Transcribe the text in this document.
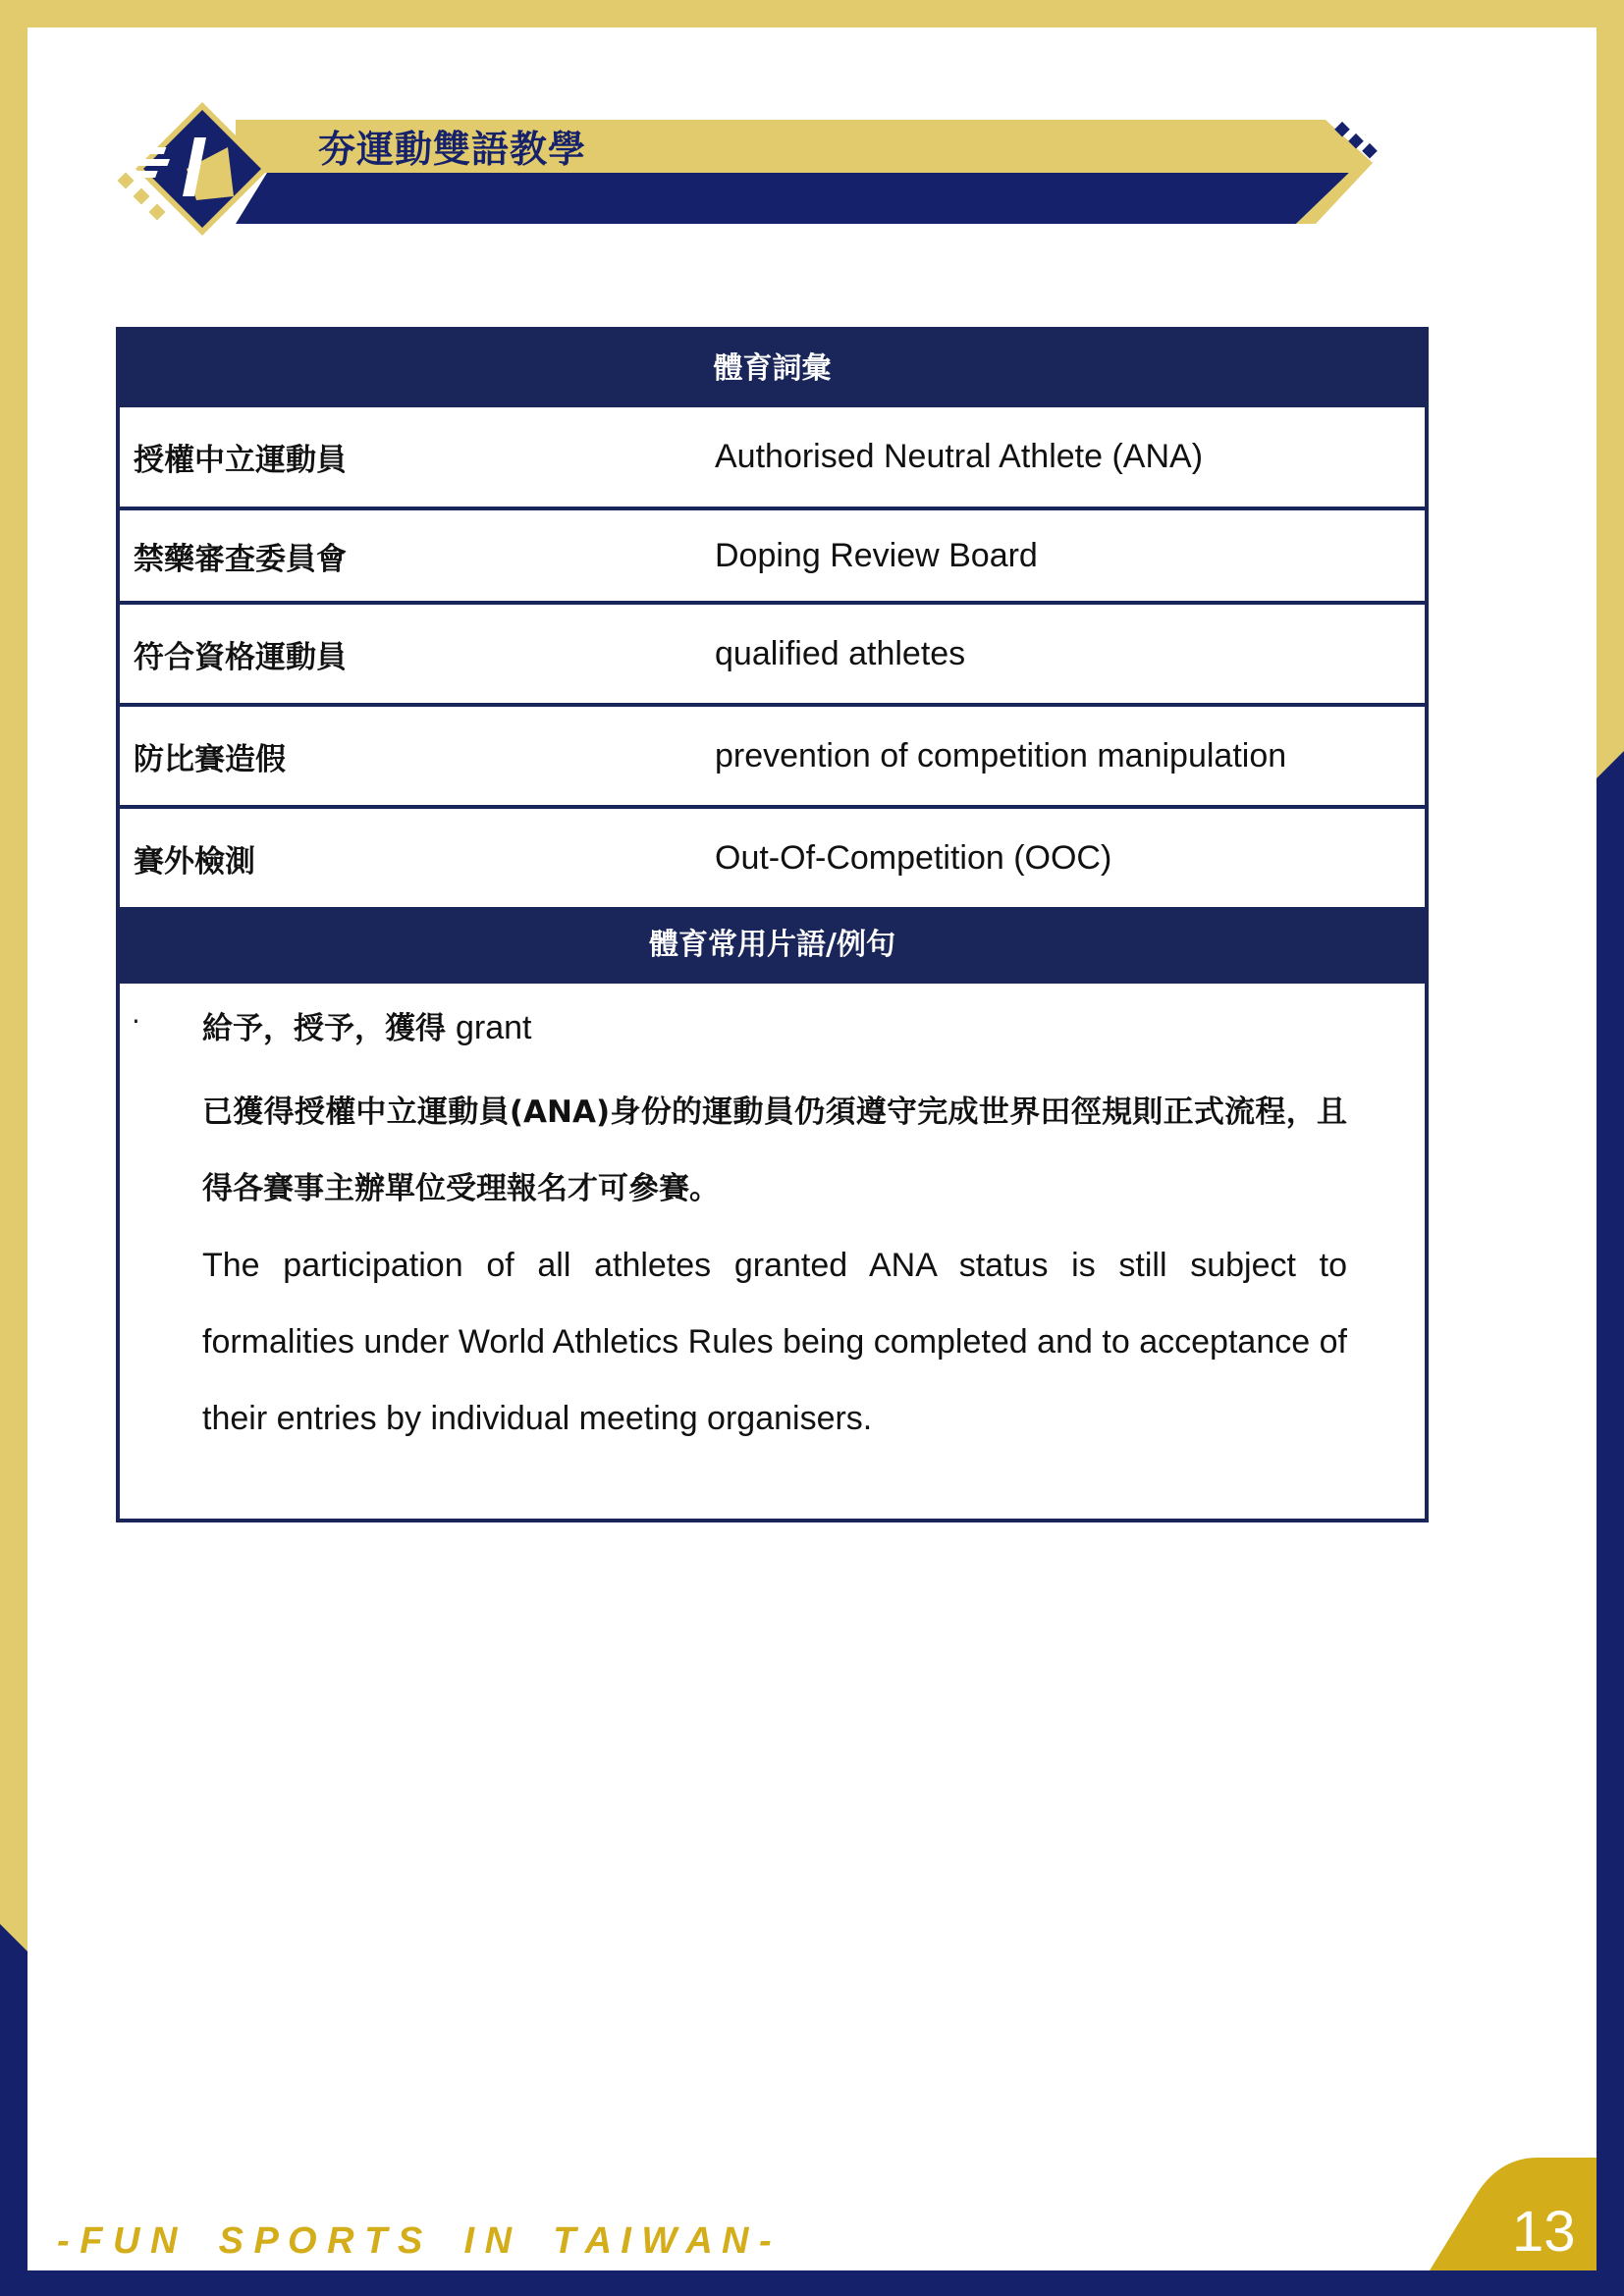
夯運動雙語教學
體育詞彙
授權中立運動員	Authorised Neutral Athlete (ANA)
禁藥審查委員會	Doping Review Board
符合資格運動員	qualified athletes
防比賽造假	prevention of competition manipulation
賽外檢測	Out-Of-Competition (OOC)
體育常用片語/例句
· 給予，授予，獲得 grant
已獲得授權中立運動員(ANA)身份的運動員仍須遵守完成世界田徑規則正式流程，且得各賽事主辦單位受理報名才可參賽。
The participation of all athletes granted ANA status is still subject to formalities under World Athletics Rules being completed and to acceptance of their entries by individual meeting organisers.
- F U N    S P O R T S    I N    T A I W A N -	13
